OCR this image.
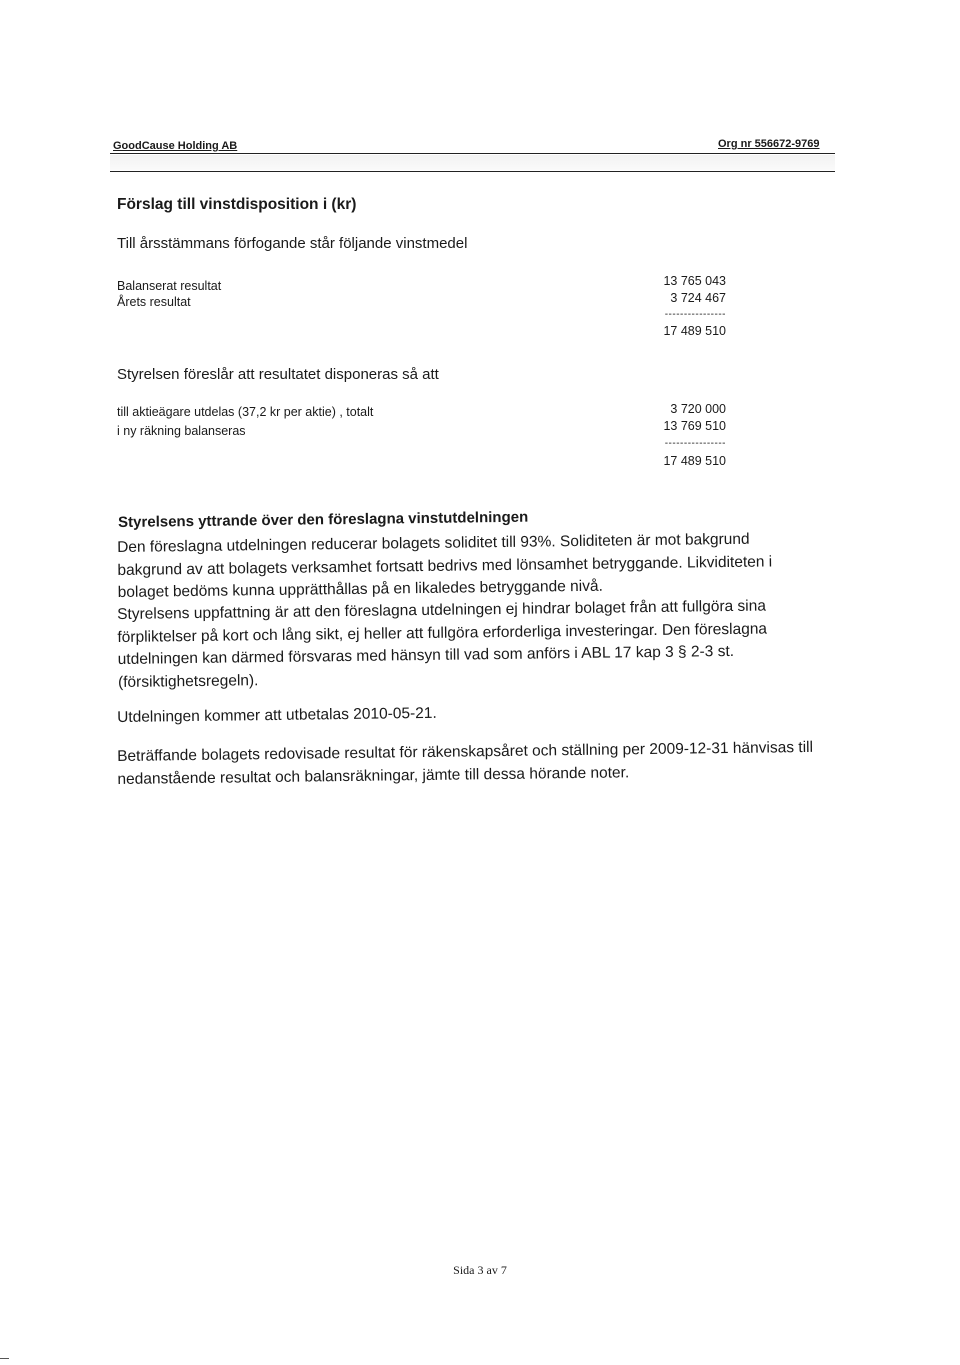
GoodCause Holding AB	Org nr 556672-9769
Förslag till vinstdisposition i (kr)
Till årsstämmans förfogande står följande vinstmedel
Balanserat resultat
Årets resultat
13 765 043
3 724 467
----------------
17 489 510
Styrelsen föreslår att resultatet disponeras så att
till aktieägare utdelas (37,2 kr per aktie) , totalt
i ny räkning balanseras
3 720 000
13 769 510
----------------
17 489 510
Styrelsens yttrande över den föreslagna vinstutdelningen

Den föreslagna utdelningen reducerar bolagets soliditet till 93%. Soliditeten är mot bakgrund bakgrund av att bolagets verksamhet fortsatt bedrivs med lönsamhet betryggande. Likviditeten i bolaget bedöms kunna upprätthållas på en likaledes betryggande nivå.

Styrelsens uppfattning är att den föreslagna utdelningen ej hindrar bolaget från att fullgöra sina förpliktelser på kort och lång sikt, ej heller att fullgöra erforderliga investeringar. Den föreslagna utdelningen kan därmed försvaras med hänsyn till vad som anförs i ABL 17 kap 3 § 2-3 st. (försiktighetsregeln).

Utdelningen kommer att utbetalas 2010-05-21.

Beträffande bolagets redovisade resultat för räkenskapsåret och ställning per 2009-12-31 hänvisas till nedanstående resultat och balansräkningar, jämte till dessa hörande noter.

Sida 3 av 7
